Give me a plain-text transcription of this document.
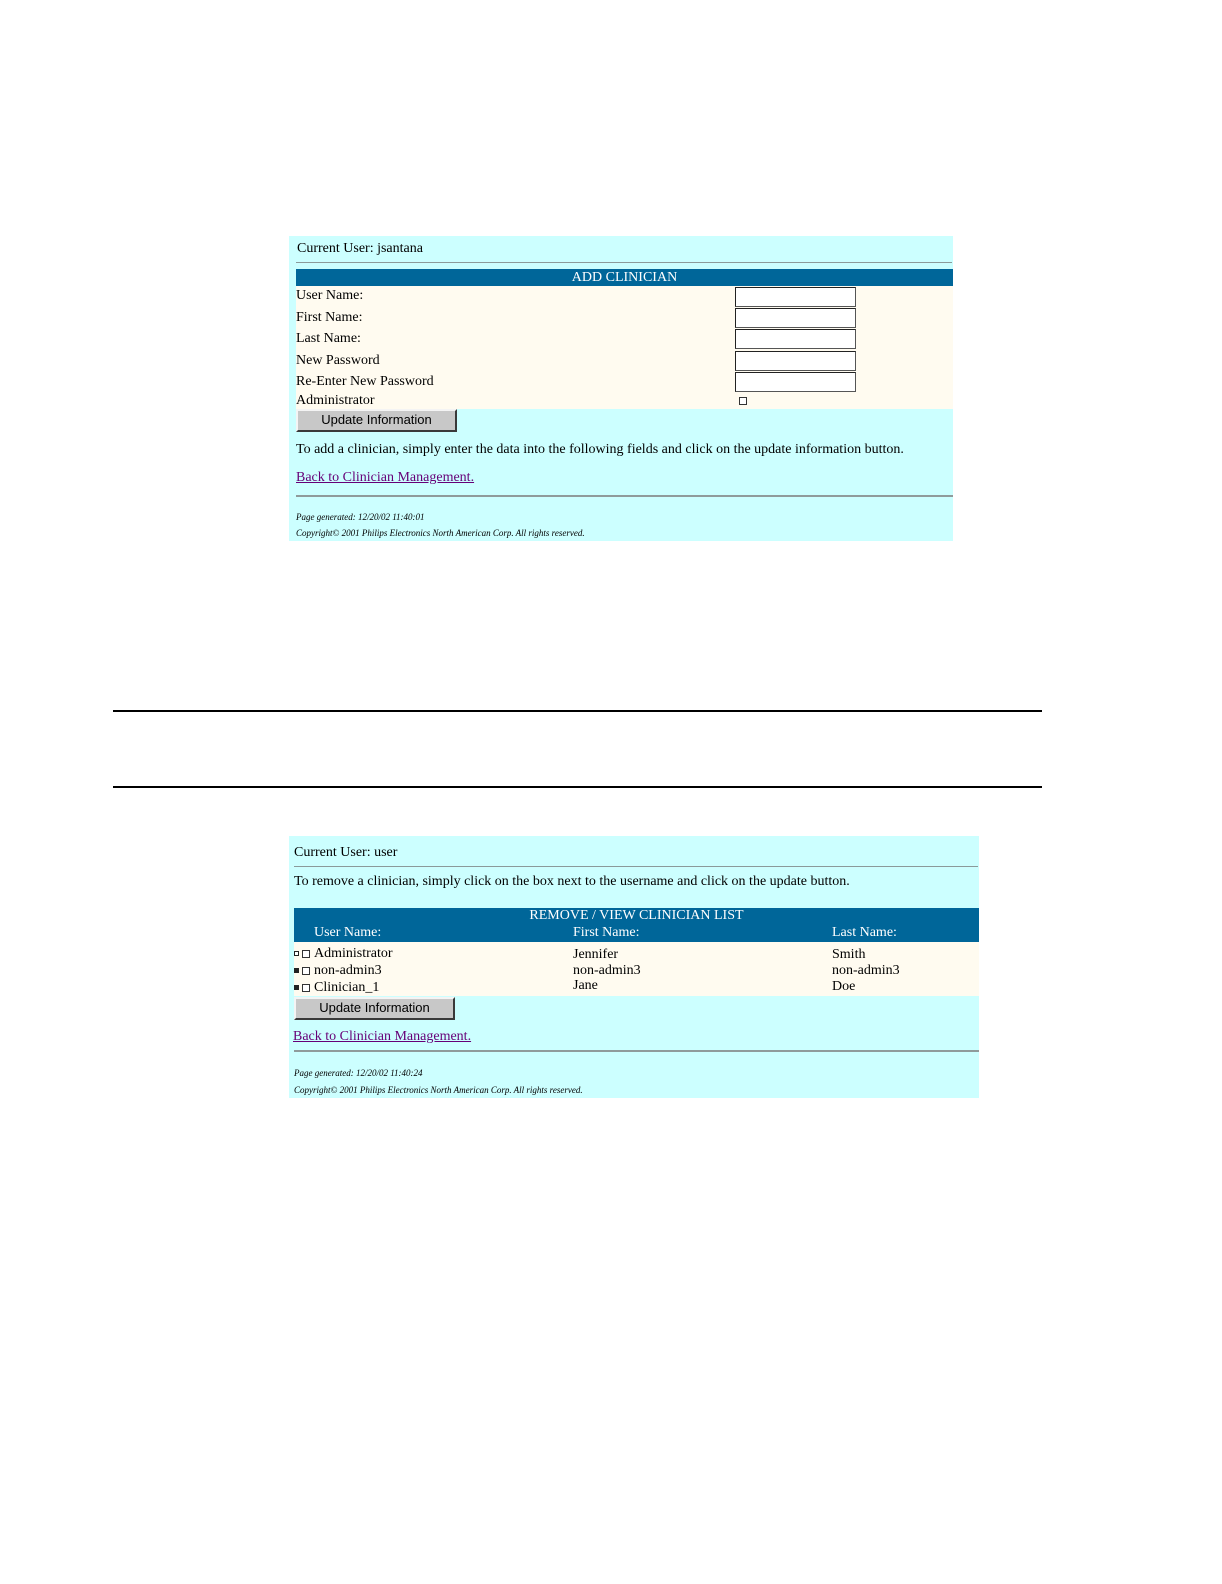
Current User: jsantana
ADD CLINICIAN
User Name:
First Name:
Last Name:
New Password
Re-Enter New Password
Administrator
Update Information
To add a clinician, simply enter the data into the following fields and click on the update information button.
Back to Clinician Management.
Page generated: 12/20/02 11:40:01
Copyright© 2001 Philips Electronics North American Corp. All rights reserved.
Current User: user
To remove a clinician, simply click on the box next to the username and click on the update button.
REMOVE / VIEW CLINICIAN LIST
User Name:	First Name:	Last Name:
Administrator	Jennifer	Smith
non-admin3	non-admin3	non-admin3
Clinician_1	Jane	Doe
Update Information
Back to Clinician Management.
Page generated: 12/20/02 11:40:24
Copyright© 2001 Philips Electronics North American Corp. All rights reserved.
